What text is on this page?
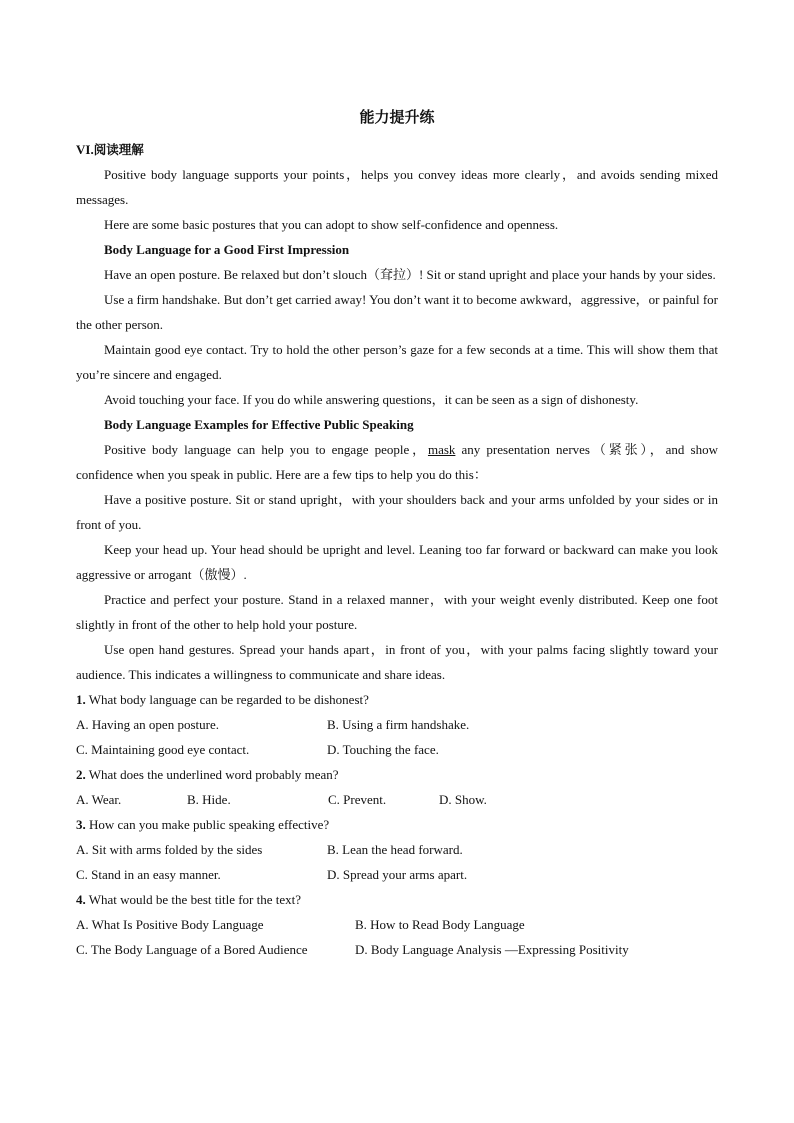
能力提升练

VI.阅读理解

Positive body language supports your points，helps you convey ideas more clearly，and avoids sending mixed messages.

Here are some basic postures that you can adopt to show self-confidence and openness.

Body Language for a Good First Impression

Have an open posture. Be relaxed but don’t slouch（耷拉）! Sit or stand upright and place your hands by your sides.

Use a firm handshake. But don’t get carried away! You don’t want it to become awkward，aggressive，or painful for the other person.

Maintain good eye contact. Try to hold the other person’s gaze for a few seconds at a time. This will show them that you’re sincere and engaged.

Avoid touching your face. If you do while answering questions，it can be seen as a sign of dishonesty.

Body Language Examples for Effective Public Speaking

Positive body language can help you to engage people，mask any presentation nerves（紧张），and show confidence when you speak in public. Here are a few tips to help you do this：

Have a positive posture. Sit or stand upright，with your shoulders back and your arms unfolded by your sides or in front of you.

Keep your head up. Your head should be upright and level. Leaning too far forward or backward can make you look aggressive or arrogant（傲慢）.

Practice and perfect your posture. Stand in a relaxed manner，with your weight evenly distributed. Keep one foot slightly in front of the other to help hold your posture.

Use open hand gestures. Spread your hands apart，in front of you，with your palms facing slightly toward your audience. This indicates a willingness to communicate and share ideas.

1. What body language can be regarded to be dishonest?

A. Having an open posture.	B. Using a firm handshake.
C. Maintaining good eye contact.	D. Touching the face.

2. What does the underlined word probably mean?

A. Wear.	B. Hide.	C. Prevent.	D. Show.

3. How can you make public speaking effective?

A. Sit with arms folded by the sides	B. Lean the head forward.
C. Stand in an easy manner.	D. Spread your arms apart.

4. What would be the best title for the text?

A. What Is Positive Body Language	B. How to Read Body Language
C. The Body Language of a Bored Audience	D. Body Language Analysis —Expressing Positivity
